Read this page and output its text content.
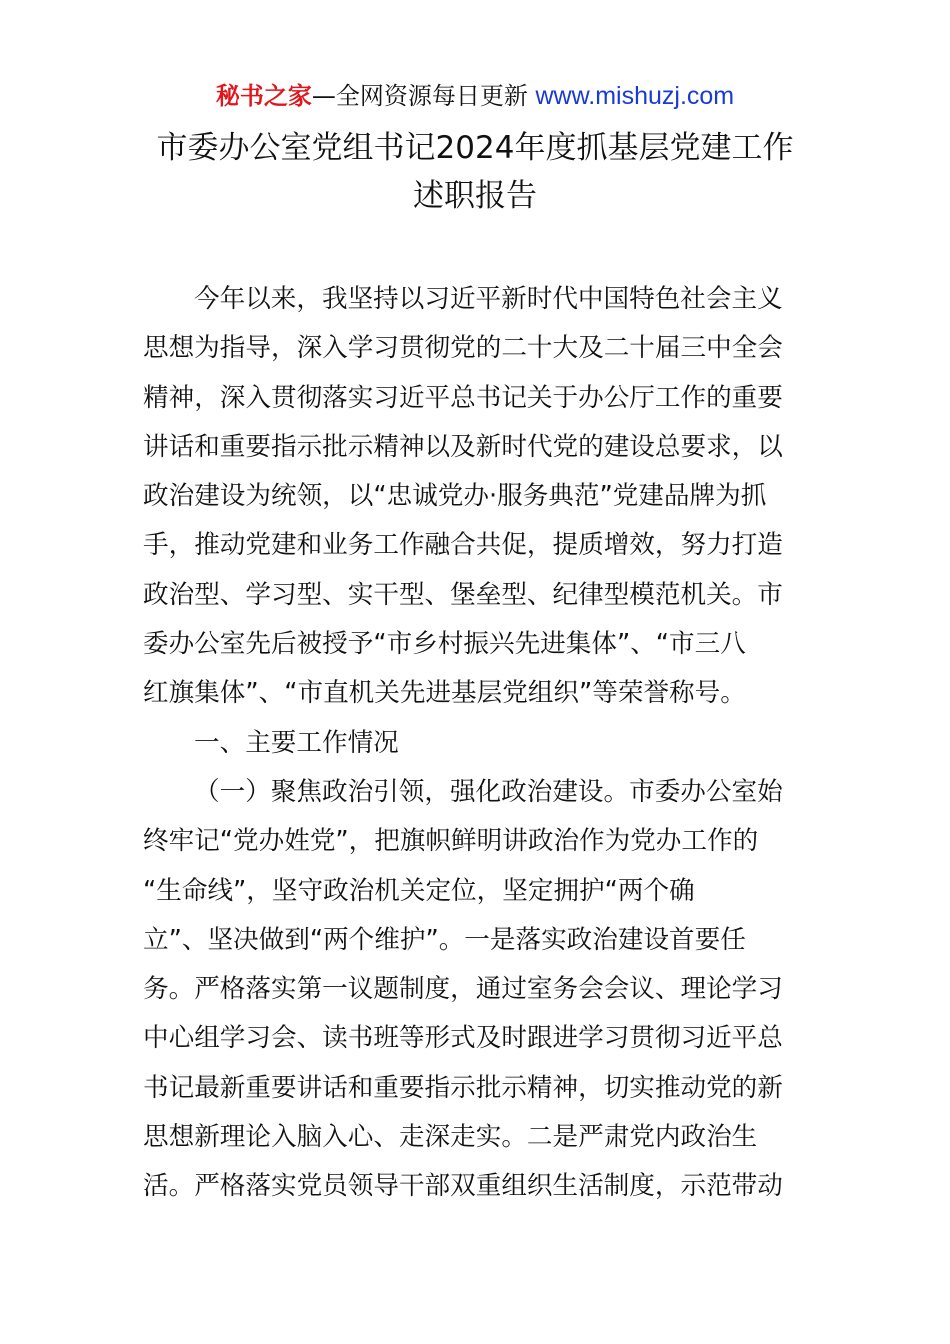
秘书之家—全网资源每日更新 www.mishuzj.com
市委办公室党组书记2024年度抓基层党建工作
述职报告
今年以来，我坚持以习近平新时代中国特色社会主义
思想为指导，深入学习贯彻党的二十大及二十届三中全会
精神，深入贯彻落实习近平总书记关于办公厅工作的重要
讲话和重要指示批示精神以及新时代党的建设总要求，以
政治建设为统领，以“忠诚党办·服务典范”党建品牌为抓
手，推动党建和业务工作融合共促，提质增效，努力打造
政治型、学习型、实干型、堡垒型、纪律型模范机关。市
委办公室先后被授予“市乡村振兴先进集体”、“市三八
红旗集体”、“市直机关先进基层党组织”等荣誉称号。
一、主要工作情况
（一）聚焦政治引领，强化政治建设。市委办公室始
终牢记“党办姓党”，把旗帜鲜明讲政治作为党办工作的
“生命线”，坚守政治机关定位，坚定拥护“两个确
立”、坚决做到“两个维护”。一是落实政治建设首要任
务。严格落实第一议题制度，通过室务会会议、理论学习
中心组学习会、读书班等形式及时跟进学习贯彻习近平总
书记最新重要讲话和重要指示批示精神，切实推动党的新
思想新理论入脑入心、走深走实。二是严肃党内政治生
活。严格落实党员领导干部双重组织生活制度，示范带动
